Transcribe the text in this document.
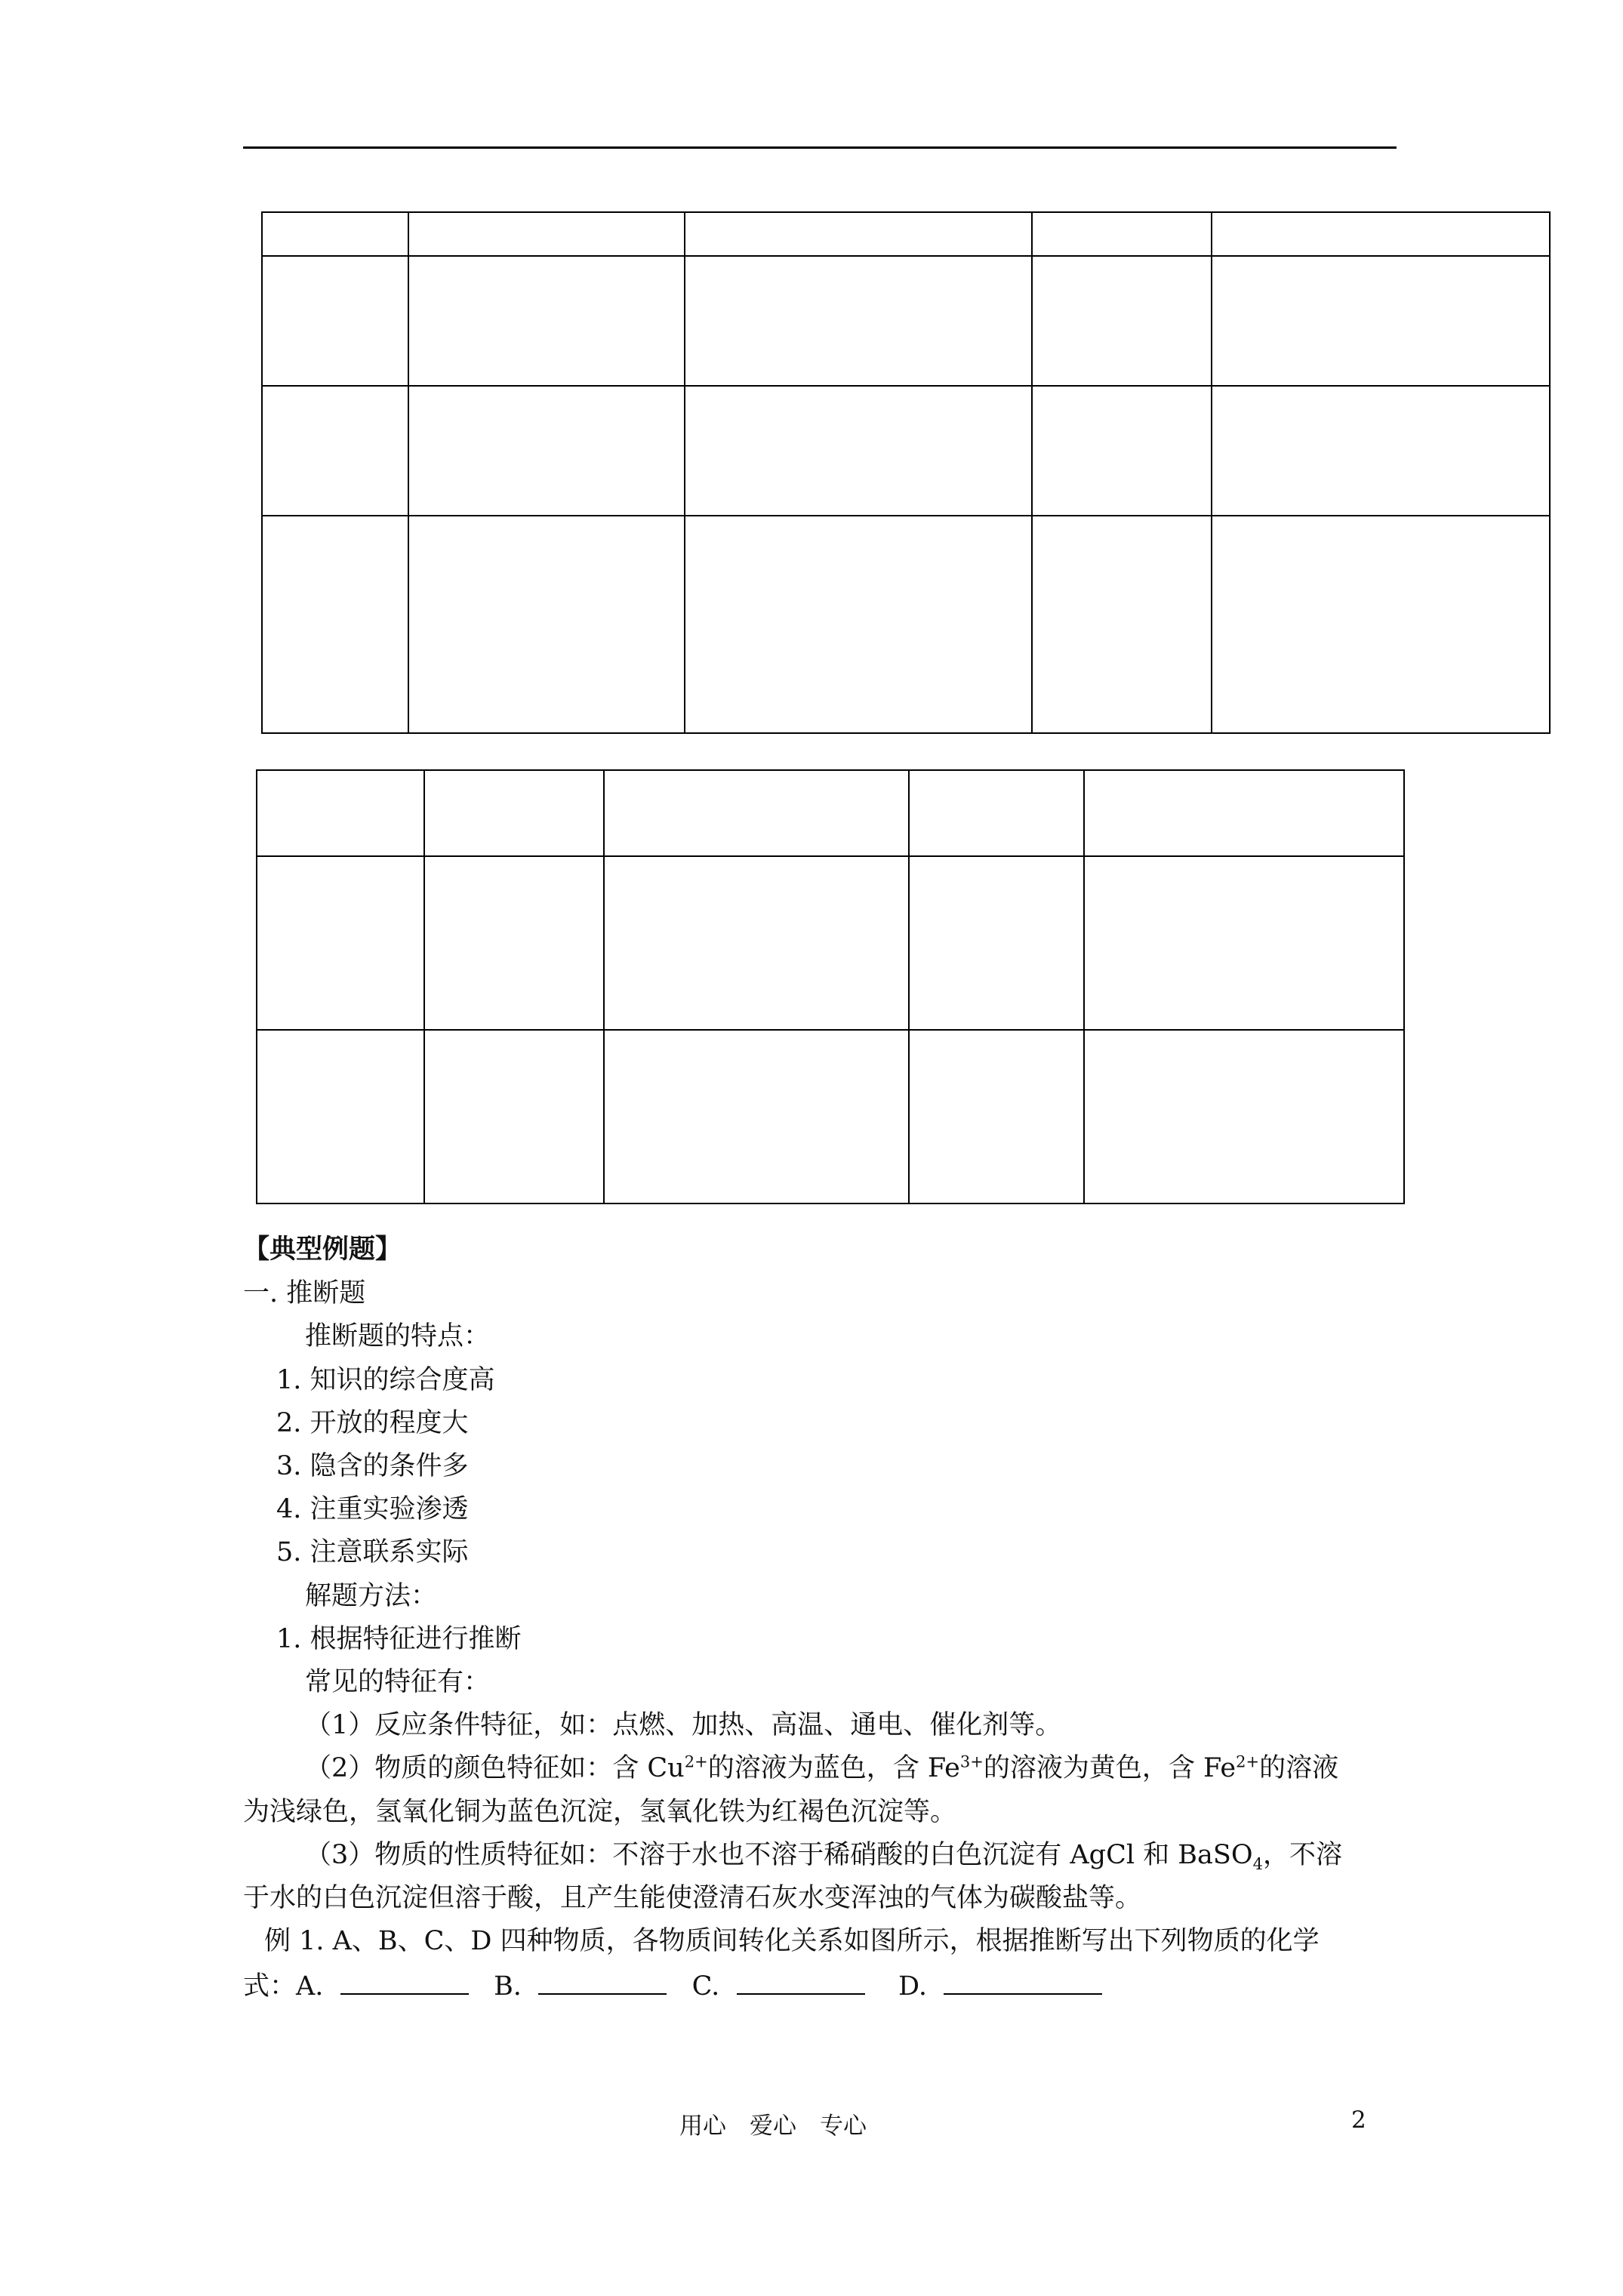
【典型例题】
一. 推断题
推断题的特点：
1. 知识的综合度高
2. 开放的程度大
3. 隐含的条件多
4. 注重实验渗透
5. 注意联系实际
解题方法：
1. 根据特征进行推断
常见的特征有：
（1）反应条件特征，如：点燃、加热、高温、通电、催化剂等。
（2）物质的颜色特征如：含 $Cu^{2+}$的溶液为蓝色，含 $Fe^{3+}$的溶液为黄色，含 $Fe^{2+}$的溶液
为浅绿色，氢氧化铜为蓝色沉淀，氢氧化铁为红褐色沉淀等。
（3）物质的性质特征如：不溶于水也不溶于稀硝酸的白色沉淀有 AgCl 和 BaSO$_4$，不溶
于水的白色沉淀但溶于酸，且产生能使澄清石灰水变浑浊的气体为碳酸盐等。
例 1. A、B、C、D 四种物质，各物质间转化关系如图所示，根据推断写出下列物质的化学
式：A.	B.	C.	D.
用心　爱心　专心	2
